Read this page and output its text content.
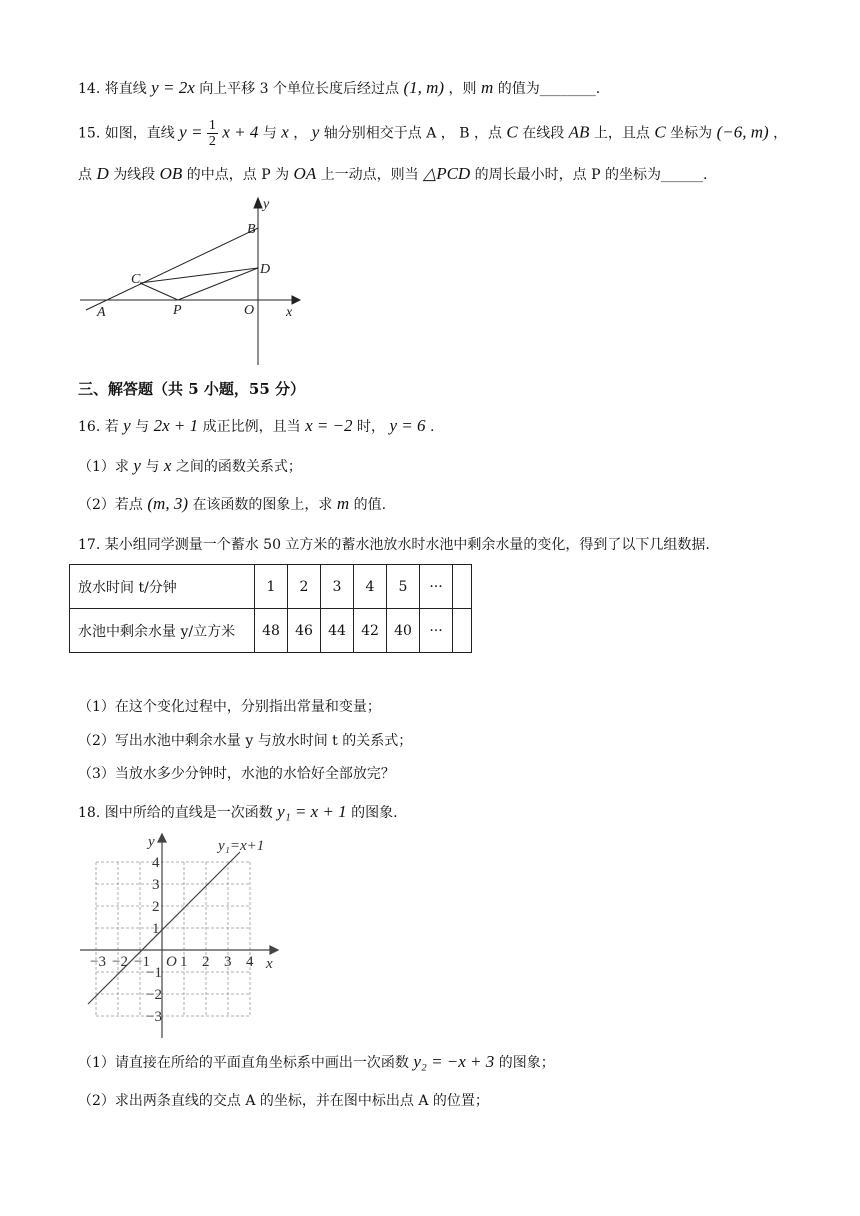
14. 将直线 y = 2x 向上平移 3 个单位长度后经过点 (1, m) ，则 m 的值为________.
15. 如图，直线 $y = \frac{1}{2}$ x + 4 与 x ， y 轴分别相交于点 A ， B ，点 C 在线段 AB 上，且点 C 坐标为 (−6, m) ，
点 D 为线段 OB 的中点，点 P 为 OA 上一动点，则当 △PCD 的周长最小时，点 P 的坐标为______.
y
B
D
C
A	P	O x
三、解答题（共 5 小题，55 分）
16. 若 y 与 2x + 1 成正比例，且当 x = −2 时， y = 6 .
（1）求 y 与 x 之间的函数关系式；
（2）若点 (m, 3) 在该函数的图象上，求 m 的值.
17. 某小组同学测量一个蓄水 50 立方米的蓄水池放水时水池中剩余水量的变化，得到了以下几组数据.
放水时间 t/分钟	1	2	3	4	5	···	
水池中剩余水量 y/立方米	48	46	44	42	40	···	
（1）在这个变化过程中，分别指出常量和变量；
（2）写出水池中剩余水量 y 与放水时间 t 的关系式；
（3）当放水多少分钟时，水池的水恰好全部放完？
18. 图中所给的直线是一次函数 y₁ = x + 1 的图象.
y₁=x+1
y
x
O
−3 −2 −1 1 2 3 4
4
3
2
1
−1
−2
−3
（1）请直接在所给的平面直角坐标系中画出一次函数 y₂ = −x + 3 的图象；
（2）求出两条直线的交点 A 的坐标，并在图中标出点 A 的位置；
